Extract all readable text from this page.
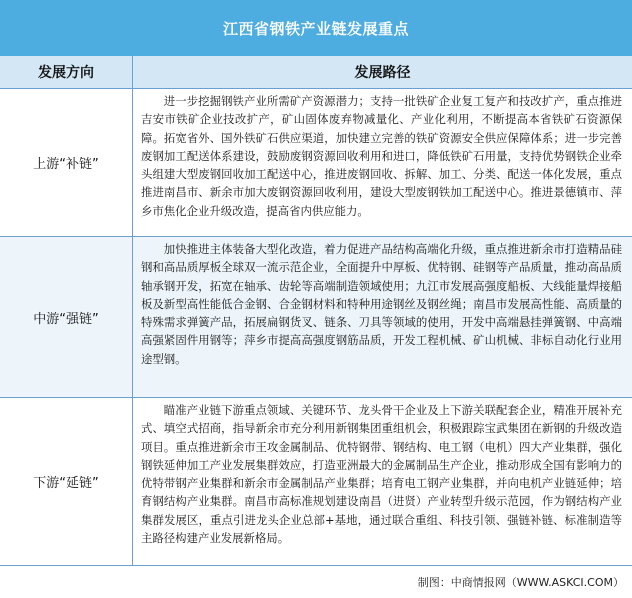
江西省钢铁产业链发展重点
发展方向	发展路径
上游“补链”

进一步挖掘钢铁产业所需矿产资源潜力；支持一批铁矿企业复工复产和技改扩产，重点推进吉安市铁矿企业技改扩产，矿山固体废弃物减量化、产业化利用，不断提高本省铁矿石资源保障。拓宽省外、国外铁矿石供应渠道，加快建立完善的铁矿资源安全供应保障体系；进一步完善废钢加工配送体系建设，鼓励废钢资源回收利用和进口，降低铁矿石用量，支持优势钢铁企业牵头组建大型废钢回收加工配送中心，推进废钢回收、拆解、加工、分类、配送一体化发展，重点推进南昌市、新余市加大废钢资源回收利用，建设大型废钢铁加工配送中心。推进景德镇市、萍乡市焦化企业升级改造，提高省内供应能力。

中游“强链”

加快推进主体装备大型化改造，着力促进产品结构高端化升级，重点推进新余市打造精品硅钢和高品质厚板全球双一流示范企业，全面提升中厚板、优特钢、硅钢等产品质量，推动高品质轴承钢开发，拓宽在轴承、齿轮等高端制造领域使用；九江市发展高强度船板、大线能量焊接船板及新型高性能低合金钢、合金钢材料和特种用途钢丝及钢丝绳；南昌市发展高性能、高质量的特殊需求弹簧产品，拓展扁钢货叉、链条、刀具等领域的使用，开发中高端悬挂弹簧钢、中高端高强紧固件用钢等；萍乡市提高高强度钢筋品质，开发工程机械、矿山机械、非标自动化行业用途型钢。

下游“延链”

瞄准产业链下游重点领域、关键环节、龙头骨干企业及上下游关联配套企业，精准开展补充式、填空式招商，指导新余市充分利用新钢集团重组机会，积极跟踪宝武集团在新钢的升级改造项目。重点推进新余市王攻金属制品、优特钢带、钢结构、电工钢（电机）四大产业集群，强化钢铁延伸加工产业发展集群效应，打造亚洲最大的金属制品生产企业，推动形成全国有影响力的优特带钢产业集群和新余市金属制品产业集群；培育电工钢产业集群，并向电机产业链延伸；培育钢结构产业集群。南昌市高标准规划建设南昌（进贤）产业转型升级示范园，作为钢结构产业集群发展区，重点引进龙头企业总部+基地，通过联合重组、科技引领、强链补链、标准制造等主路径构建产业发展新格局。

制图：中商情报网（WWW.ASKCI.COM）
